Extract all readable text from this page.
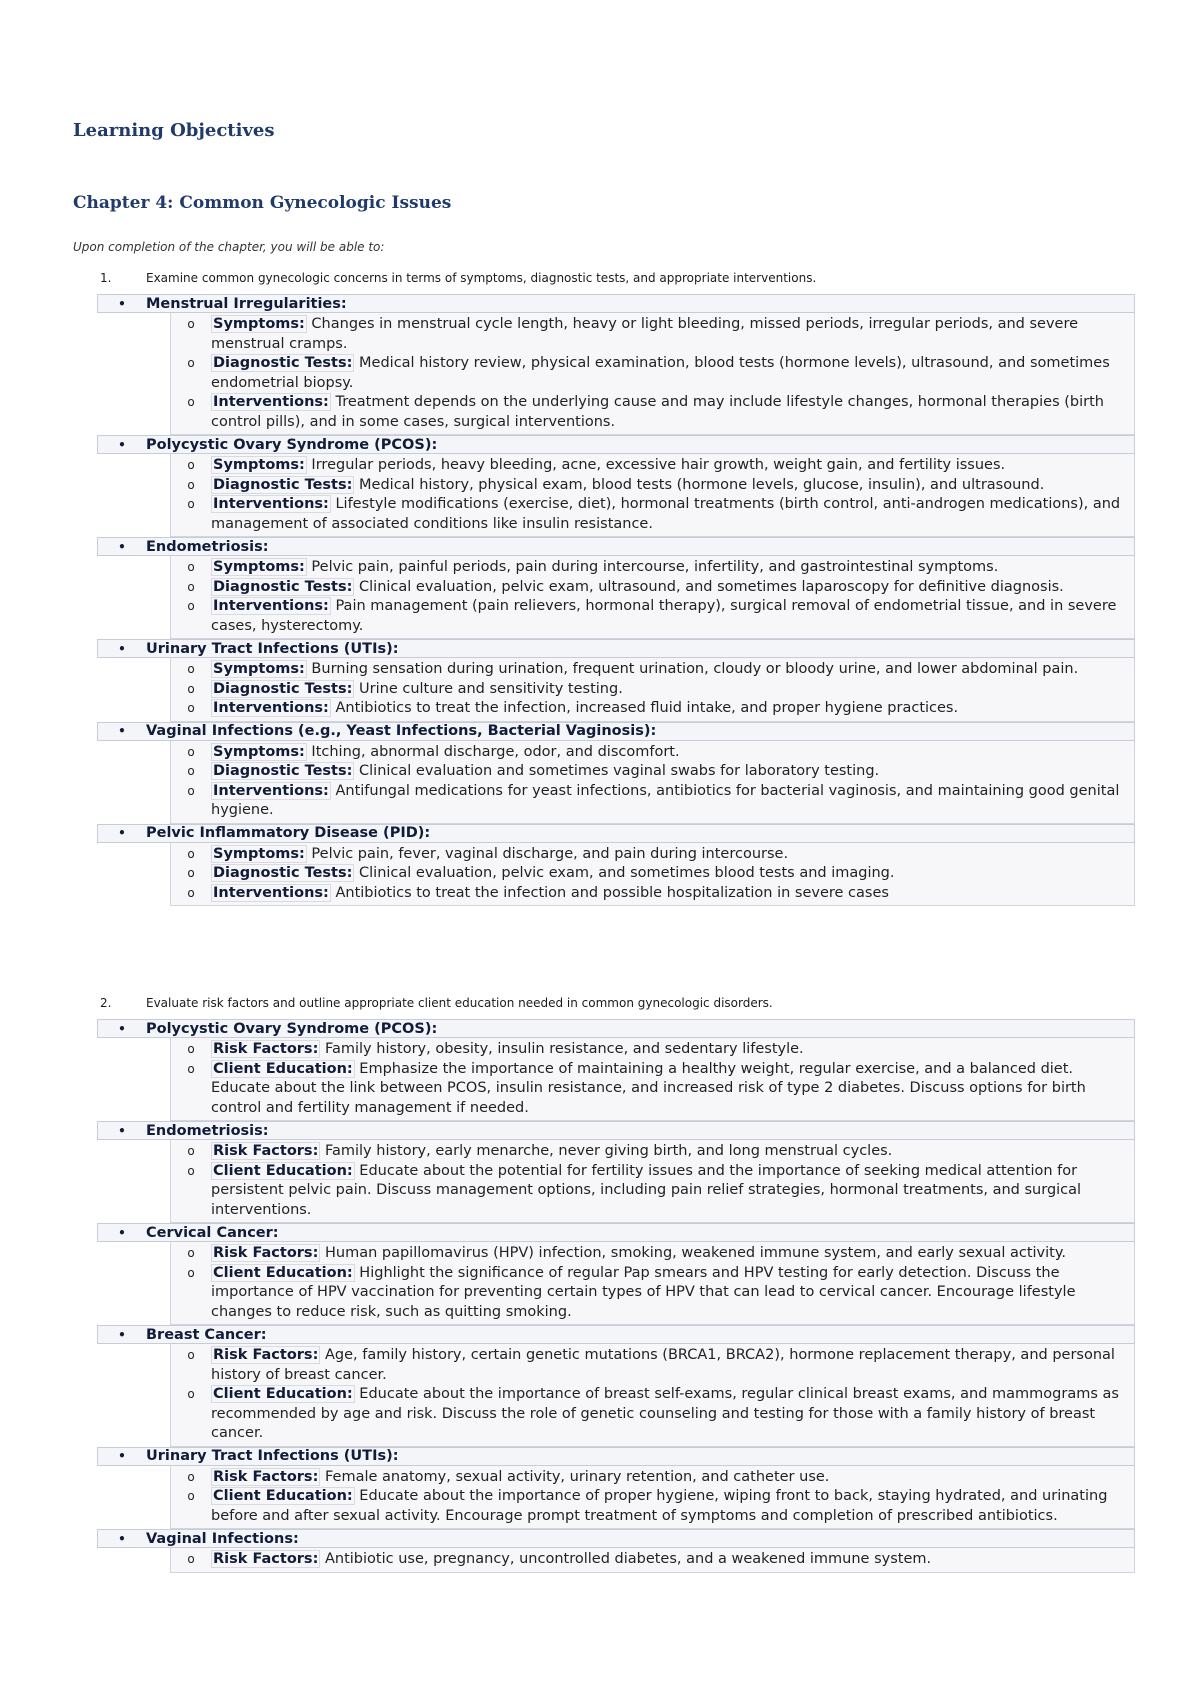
Learning Objectives
Chapter 4: Common Gynecologic Issues
Upon completion of the chapter, you will be able to:
1.	Examine common gynecologic concerns in terms of symptoms, diagnostic tests, and appropriate interventions.
•	Menstrual Irregularities:
o	Symptoms: Changes in menstrual cycle length, heavy or light bleeding, missed periods, irregular periods, and severe menstrual cramps.
o	Diagnostic Tests: Medical history review, physical examination, blood tests (hormone levels), ultrasound, and sometimes endometrial biopsy.
o	Interventions: Treatment depends on the underlying cause and may include lifestyle changes, hormonal therapies (birth control pills), and in some cases, surgical interventions.
•	Polycystic Ovary Syndrome (PCOS):
o	Symptoms: Irregular periods, heavy bleeding, acne, excessive hair growth, weight gain, and fertility issues.
o	Diagnostic Tests: Medical history, physical exam, blood tests (hormone levels, glucose, insulin), and ultrasound.
o	Interventions: Lifestyle modifications (exercise, diet), hormonal treatments (birth control, anti-androgen medications), and management of associated conditions like insulin resistance.
•	Endometriosis:
o	Symptoms: Pelvic pain, painful periods, pain during intercourse, infertility, and gastrointestinal symptoms.
o	Diagnostic Tests: Clinical evaluation, pelvic exam, ultrasound, and sometimes laparoscopy for definitive diagnosis.
o	Interventions: Pain management (pain relievers, hormonal therapy), surgical removal of endometrial tissue, and in severe cases, hysterectomy.
•	Urinary Tract Infections (UTIs):
o	Symptoms: Burning sensation during urination, frequent urination, cloudy or bloody urine, and lower abdominal pain.
o	Diagnostic Tests: Urine culture and sensitivity testing.
o	Interventions: Antibiotics to treat the infection, increased fluid intake, and proper hygiene practices.
•	Vaginal Infections (e.g., Yeast Infections, Bacterial Vaginosis):
o	Symptoms: Itching, abnormal discharge, odor, and discomfort.
o	Diagnostic Tests: Clinical evaluation and sometimes vaginal swabs for laboratory testing.
o	Interventions: Antifungal medications for yeast infections, antibiotics for bacterial vaginosis, and maintaining good genital hygiene.
•	Pelvic Inflammatory Disease (PID):
o	Symptoms: Pelvic pain, fever, vaginal discharge, and pain during intercourse.
o	Diagnostic Tests: Clinical evaluation, pelvic exam, and sometimes blood tests and imaging.
o	Interventions: Antibiotics to treat the infection and possible hospitalization in severe cases
2.	Evaluate risk factors and outline appropriate client education needed in common gynecologic disorders.
•	Polycystic Ovary Syndrome (PCOS):
o	Risk Factors: Family history, obesity, insulin resistance, and sedentary lifestyle.
o	Client Education: Emphasize the importance of maintaining a healthy weight, regular exercise, and a balanced diet. Educate about the link between PCOS, insulin resistance, and increased risk of type 2 diabetes. Discuss options for birth control and fertility management if needed.
•	Endometriosis:
o	Risk Factors: Family history, early menarche, never giving birth, and long menstrual cycles.
o	Client Education: Educate about the potential for fertility issues and the importance of seeking medical attention for persistent pelvic pain. Discuss management options, including pain relief strategies, hormonal treatments, and surgical interventions.
•	Cervical Cancer:
o	Risk Factors: Human papillomavirus (HPV) infection, smoking, weakened immune system, and early sexual activity.
o	Client Education: Highlight the significance of regular Pap smears and HPV testing for early detection. Discuss the importance of HPV vaccination for preventing certain types of HPV that can lead to cervical cancer. Encourage lifestyle changes to reduce risk, such as quitting smoking.
•	Breast Cancer:
o	Risk Factors: Age, family history, certain genetic mutations (BRCA1, BRCA2), hormone replacement therapy, and personal history of breast cancer.
o	Client Education: Educate about the importance of breast self-exams, regular clinical breast exams, and mammograms as recommended by age and risk. Discuss the role of genetic counseling and testing for those with a family history of breast cancer.
•	Urinary Tract Infections (UTIs):
o	Risk Factors: Female anatomy, sexual activity, urinary retention, and catheter use.
o	Client Education: Educate about the importance of proper hygiene, wiping front to back, staying hydrated, and urinating before and after sexual activity. Encourage prompt treatment of symptoms and completion of prescribed antibiotics.
•	Vaginal Infections:
o	Risk Factors: Antibiotic use, pregnancy, uncontrolled diabetes, and a weakened immune system.
